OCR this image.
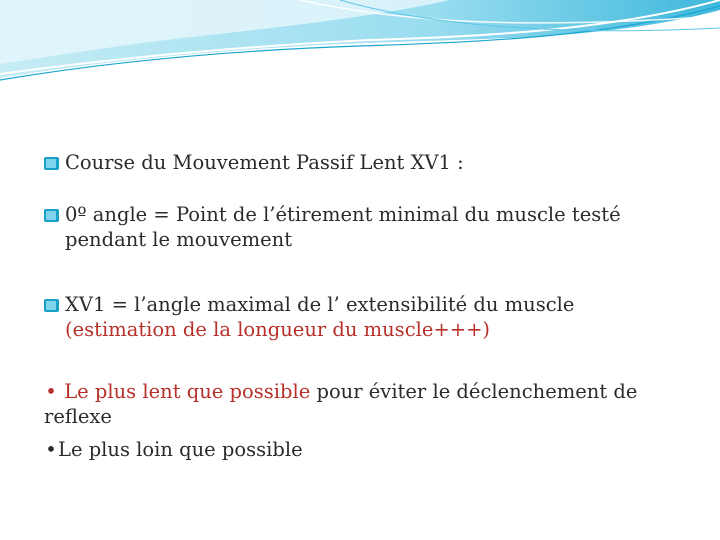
Course du Mouvement Passif Lent XV1 :
0º angle = Point de l’étirement minimal du muscle testé
pendant le mouvement
XV1 = l’angle maximal de l’ extensibilité du muscle
(estimation de la longueur du muscle+++)
• Le plus lent que possible pour éviter le déclenchement de reflexe
•Le plus loin que possible
